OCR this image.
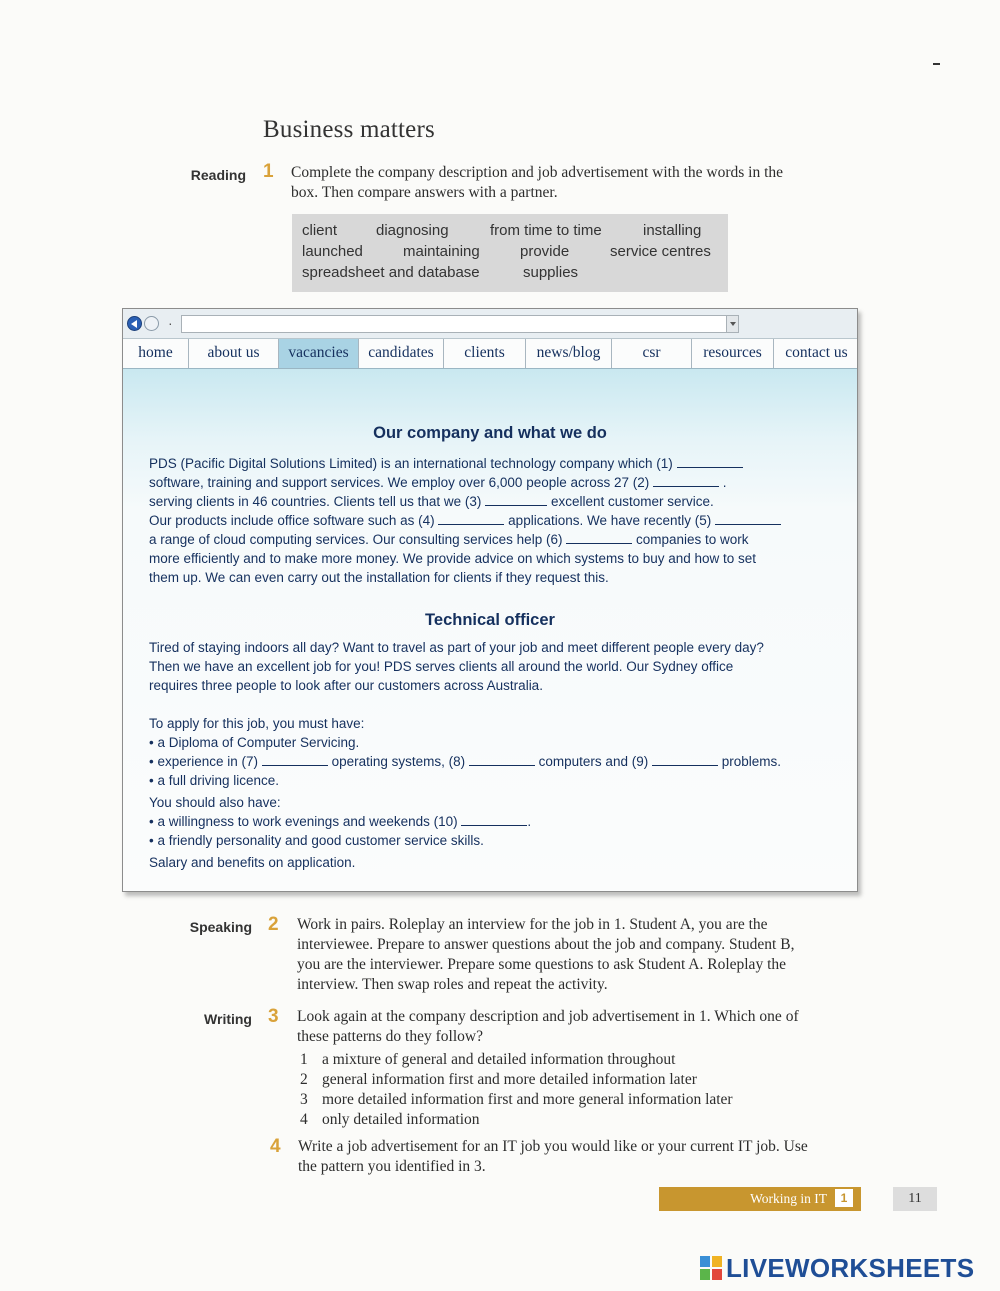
Business matters
Reading 1 Complete the company description and job advertisement with the words in the
box. Then compare answers with a partner.
client	diagnosing	from time to time	installing
launched	maintaining	provide	service centres
spreadsheet and database	supplies
·
home	about us	vacancies	candidates	clients	news/blog	csr	resources	contact us
Our company and what we do
PDS (Pacific Digital Solutions Limited) is an international technology company which (1)
software, training and support services. We employ over 6,000 people across 27 (2)	.
serving clients in 46 countries. Clients tell us that we (3)	excellent customer service.
Our products include office software such as (4)	applications. We have recently (5)
a range of cloud computing services. Our consulting services help (6)	companies to work
more efficiently and to make more money. We provide advice on which systems to buy and how to set
them up. We can even carry out the installation for clients if they request this.
Technical officer
Tired of staying indoors all day? Want to travel as part of your job and meet different people every day?
Then we have an excellent job for you! PDS serves clients all around the world. Our Sydney office
requires three people to look after our customers across Australia.
To apply for this job, you must have:
• a Diploma of Computer Servicing.
• experience in (7)	operating systems, (8)	computers and (9)	problems.
• a full driving licence.
You should also have:
• a willingness to work evenings and weekends (10)	.
• a friendly personality and good customer service skills.
Salary and benefits on application.
Speaking 2 Work in pairs. Roleplay an interview for the job in 1. Student A, you are the
interviewee. Prepare to answer questions about the job and company. Student B,
you are the interviewer. Prepare some questions to ask Student A. Roleplay the
interview. Then swap roles and repeat the activity.
Writing 3 Look again at the company description and job advertisement in 1. Which one of
these patterns do they follow?
1 a mixture of general and detailed information throughout
2 general information first and more detailed information later
3 more detailed information first and more general information later
4 only detailed information
4 Write a job advertisement for an IT job you would like or your current IT job. Use
the pattern you identified in 3.
Working in IT	1	11
LIVEWORKSHEETS
